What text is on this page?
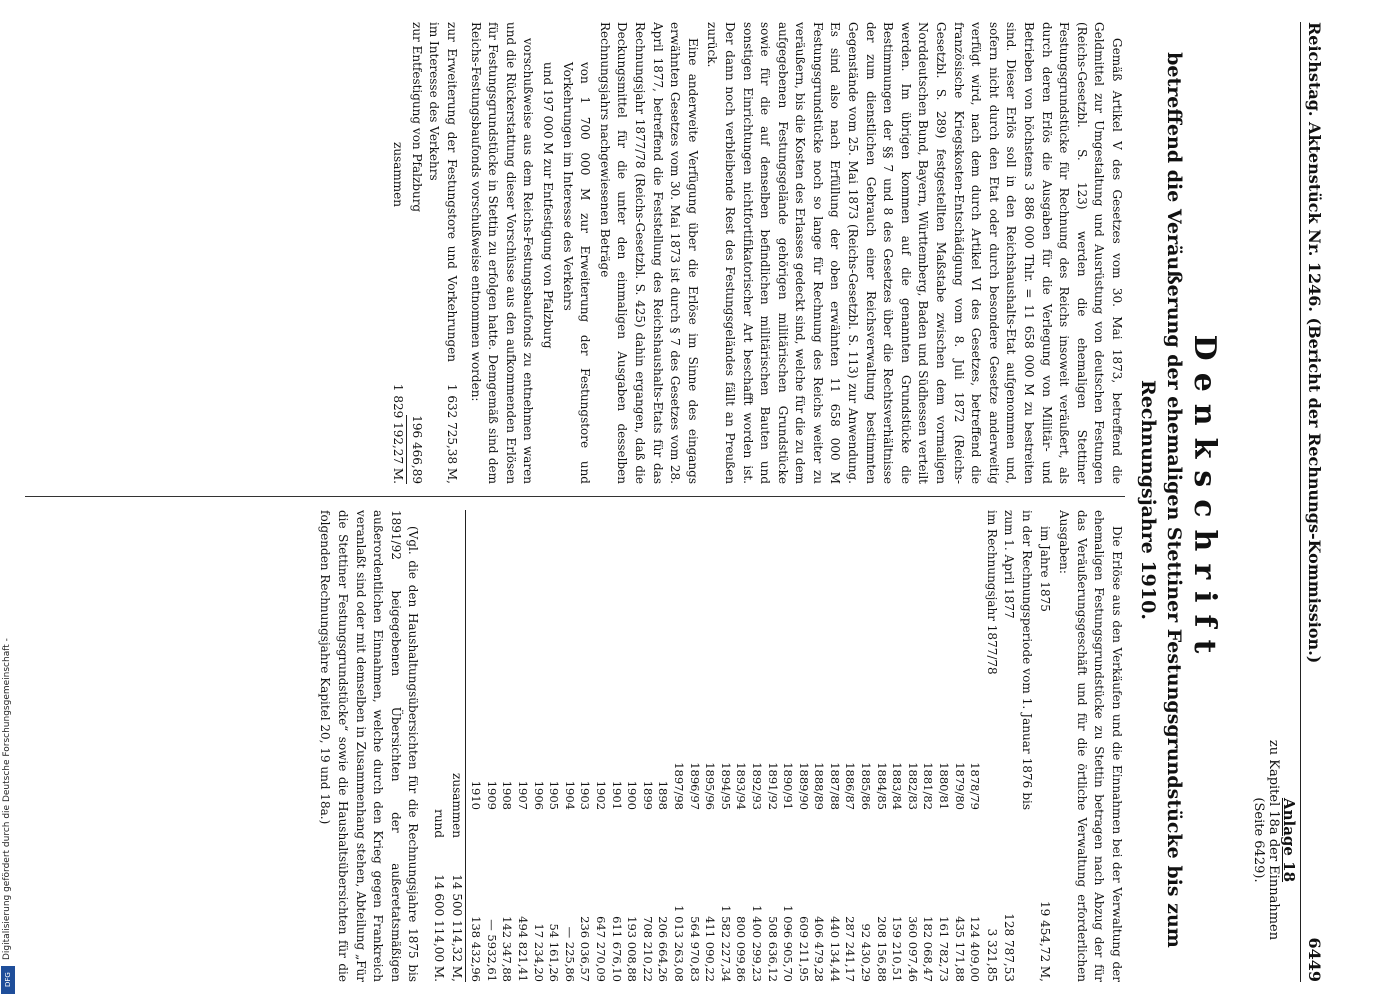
Reichstag. Aktenstück Nr. 1246. (Bericht der Rechnungs-Kommission.)
6449
Anlage 18
zu Kapitel 18a der Einnahmen
(Seite 6429).
Denkschrift
betreffend die Veräußerung der ehemaligen Stettiner Festungsgrundstücke bis zum Rechnungsjahre 1910.

Gemäß Artikel V des Gesetzes vom 30. Mai 1873, betreffend die Geldmittel zur Umgestaltung und Ausrüstung von deutschen Festungen (Reichs-Gesetzbl. S. 123) werden die ehemaligen Stettiner Festungsgrundstücke für Rechnung des Reichs insoweit veräußert, als durch deren Erlös die Ausgaben für die Verlegung von Militär- und Betrieben von höchstens 3 886 000 Thlr. = 11 658 000 M zu bestreiten sind. Dieser Erlös soll in den Reichshaushalts-Etat aufgenommen und, sofern nicht durch den Etat oder durch besondere Gesetze anderweitig verfügt wird, nach dem durch Artikel VI des Gesetzes, betreffend die französische Kriegskosten-Entschädigung vom 8. Juli 1872 (Reichs-Gesetzbl. S. 289) festgestellten Maßstabe zwischen dem vormaligen Norddeutschen Bund, Bayern, Württemberg, Baden und Südhessen verteilt werden. Im übrigen kommen auf die genannten Grundstücke die Bestimmungen der §§ 7 und 8 des Gesetzes über die Rechtsverhältnisse der zum dienstlichen Gebrauch einer Reichsverwaltung bestimmten Gegenstände vom 25. Mai 1873 (Reichs-Gesetzbl. S. 113) zur Anwendung. Es sind also nach Erfüllung der oben erwähnten 11 658 000 M Festungsgrundstücke noch so lange für Rechnung des Reichs weiter zu veräußern, bis die Kosten des Erlasses gedeckt sind, welche für die zu dem aufgegebenen Festungsgelände gehörigen militärischen Grundstücke sowie für die auf denselben befindlichen militärischen Bauten und sonstigen Einrichtungen nichtfortifikatorischer Art beschafft worden ist. Der dann noch verbleibende Rest des Festungsgeländes fällt an Preußen zurück.

Eine anderweite Verfügung über die Erlöse im Sinne des eingangs erwähnten Gesetzes vom 30. Mai 1873 ist durch § 7 des Gesetzes vom 28. April 1877, betreffend die Feststellung des Reichshaushalts-Etats für das Rechnungsjahr 1877/78 (Reichs-Gesetzbl. S. 425) dahin ergangen, daß die Deckungsmittel für die unter den einmaligen Ausgaben desselben Rechnungsjahrs nachgewiesenen Beträge

von 1 700 000 M zur Erweiterung der Festungstore und Vorkehrungen im Interesse des Verkehrs

und 197 000 M zur Entfestigung von Pfalzburg

vorschußweise aus dem Reichs-Festungsbaufonds zu entnehmen waren und die Rückerstattung dieser Vorschüsse aus den aufkommenden Erlösen für Festungsgrundstücke in Stettin zu erfolgen hatte. Demgemäß sind dem Reichs-Festungsbaufonds vorschußweise entnommen worden:

zur Erweiterung der Festungstore und Vorkehrungen im Interesse des Verkehrs
1 632 725,38 M,
zur Entfestigung von Pfalzburg
196 466,89
zusammen
1 829 192,27 M.

Die Erlöse aus den Verkäufen und die Einnahmen bei der Verwaltung der ehemaligen Festungsgrundstücke zu Stettin betragen nach Abzug der für das Veräußerungsgeschäft und für die örtliche Verwaltung erforderlichen Ausgaben:

im Jahre 1875
19 454,72 M,
in der Rechnungsperiode vom 1. Januar 1876 bis zum 1. April 1877
128 787,53
im Rechnungsjahr 1877/78
3 321,85
1878/79	124 409,00
1879/80	435 171,88
1880/81	161 782,73
1881/82	182 068,47
1882/83	360 097,46
1883/84	159 210,51
1884/85	208 156,88
1885/86	92 430,29
1886/87	287 241,17
1887/88	440 134,44
1888/89	406 479,28
1889/90	609 211,95
1890/91	1 096 905,70
1891/92	508 636,12
1892/93	1 400 299,23
1893/94	800 099,86
1894/95	1 582 227,34
1895/96	411 090,22
1896/97	564 970,83
1897/98	1 013 263,08
1898	206 664,26
1899	708 210,22
1900	193 008,88
1901	611 676,10
1902	647 270,09
1903	236 036,57
1904	— 225,86
1905	54 161,26
1906	17 234,20
1907	494 821,41
1908	142 347,88
1909	— 5932,61
1910	138 432,96
zusammen
14 500 114,32 M,
rund
14 600 114,00 M.

(Vgl. die den Haushaltungsübersichten für die Rechnungsjahre 1875 bis 1891/92 beigegebenen Übersichten der außeretatsmäßigen außerordentlichen Einnahmen, welche durch den Krieg gegen Frankreich veranlaßt sind oder mit demselben in Zusammenhang stehen, Abteilung „Für die Stettiner Festungsgrundstücke“ sowie die Haushaltsübersichten für die folgenden Rechnungsjahre Kapitel 20, 19 und 18a.)

Digitalisierung gefördert durch die Deutsche Forschungsgemeinschaft -
DFG
